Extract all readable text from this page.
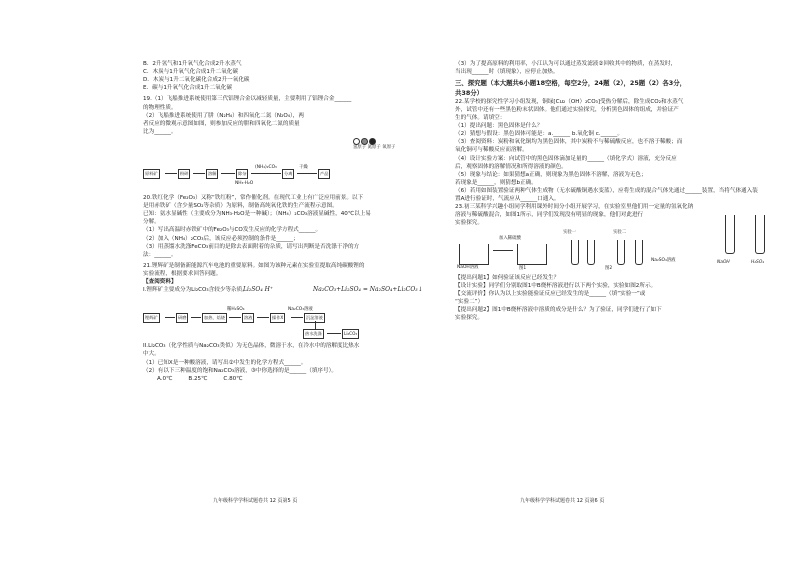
B．2升氢气和1升氧气化合成2升水蒸气
C．木炭与1升氧气化合成1升二氧化碳
D．木炭与1升二氧化碳化合成2升一氧化碳
E．碳与1升氧气化合成1升二氧化碳
19.（1）飞船推进系统使用第三代铝锂合金以减轻质量，主要利用了铝锂合金______
的物理性质。
（2）飞船推进系统使用了肼（N₂H₄）和四氧化二氮（N₂O₄），两
者反应的微观示意图如图，则参加反应的肼和四氧化二氮的质量
比为______。
氢原子 氮原子 氧原子
原料矿	粉碎	溶解	除杂
NH₃·H₂O
(NH₄)₂CO₃
分离
干燥
产品
20.铁红化学（Fe₂O₃）又称“铁红粉”，常作催化剂。在现代工业上有广泛应用前景。以下
是用赤铁矿（含少量SO₂等杂质）为原料，制备高纯氧化铁的生产流程示意图。
已知：氨水显碱性（主要成分为NH₃·H₂O是一种碱）；（NH₄）₂CO₃溶液显碱性，40℃以上易
分解。
（1）写出高温时赤铁矿中的Fe₂O₃与CO发生反应的化学方程式______。
（2）加入（NH₄）₂CO₃后，该反应必须控制的条件是______；
（3）用蒸馏水洗涤FeCO₃前目的是除去表面附着的杂质，请写出判断是否洗涤干净的方
法：______。
21.锂辉矿是制备新能源汽车电池的重要原料。如图为该种元素在实验室提取高纯碳酸锂的
实验流程，根据要求回答问题。
【查阅资料】
I.锂辉矿主要成分为Li₂CO₃含较少等杂质。
Li₂SO₄ H⁺	Na₂CO₃+Li₂SO₄ = Na₂SO₄+Li₂CO₃↓
锂辉矿	研磨	加热、焙烧
稀H₂SO₄
溶液	操作X
Na₂CO₃溶液
沉淀溶液
热水洗涤	Li₂CO₃
II.Li₂CO₃（化学性质与Na₂CO₃类似）为无色晶体，微溶于水，在冷水中的溶解度比热水
中大。
（1）已知X是一种酸溶液，请写出②中发生的化学方程式______。
（2）有以下三种温度的饱和Na₂CO₃溶液，③中你选择的是______（填序号）。
A.0℃	B.25℃	C.80℃
九年级科学学科试题卷共 12 页第5 页
（3）为了提高原料的利用率，小江认为可以通过蒸发滤液②回收其中的物质，在蒸发时，
当出现______时（填现象），应停止加热。
三、探究题（本大题共6小题18空格，每空2分，24题（2），25题（2）各3分，
共38分）
22.某学校的探究性学习小组发现，铜绿[Cu₂（OH）₂CO₃]受热分解后，除生成CO₂和水蒸气
外，试管中还有一些黑色粉末状固体。他们通过实验探究，分析黑色固体的组成，并验证产
生的气体。请填空：
（1）提出问题：黑色固体是什么？
（2）猜想与假设：黑色固体可能是：a.______ b.氧化铜 c.______。
（3）查阅资料：炭粉和氧化铜均为黑色固体，其中炭粉不与稀硫酸反应，也不溶于稀酸；而
氧化铜可与稀酸反应而溶解。
（4）设计实验方案：向试管中的黑色固体滴加足量的______（填化学式）溶液，充分反应
后，观察固体的溶解情况和所得溶液的颜色。
（5）现象与结论：如果猜想a正确，则现象为黑色固体不溶解，溶液为无色；
若现象是______，则猜想b正确。
（6）若用如图装置验证两种气体生成物（无水硫酸铜遇水变蓝），应将生成的混合气体先通过______装置，当将气体通入装
置A进行验证时，气流应从______口通入。
NaOH	H₂SO₄
23.初三某科学兴趣小组同学利用课外时间分小组开展学习，在实验室里他们用一定量的氢氧化钠
溶液与稀硫酸混合，如图1所示，同学们发现没有明显的现象，他们对此进行
实验探究。
加入稀硫酸
NaOH溶液
实验一	实验二
Na₂SO₄溶液
图1	图2
【提出问题1】如何验证该反应已经发生？
【设计实验】同学们分别取图1中B烧杯溶液进行以下两个实验，实验如图2所示。
【交流评价】你认为以上实验能验证反应已经发生的是______（填“实验一”或
“实验二”）
【提出问题2】图1中B烧杯溶液中溶质的成分是什么？为了验证，同学们进行了如下
实验探究。
九年级科学学科试题卷共 12 页第6 页
